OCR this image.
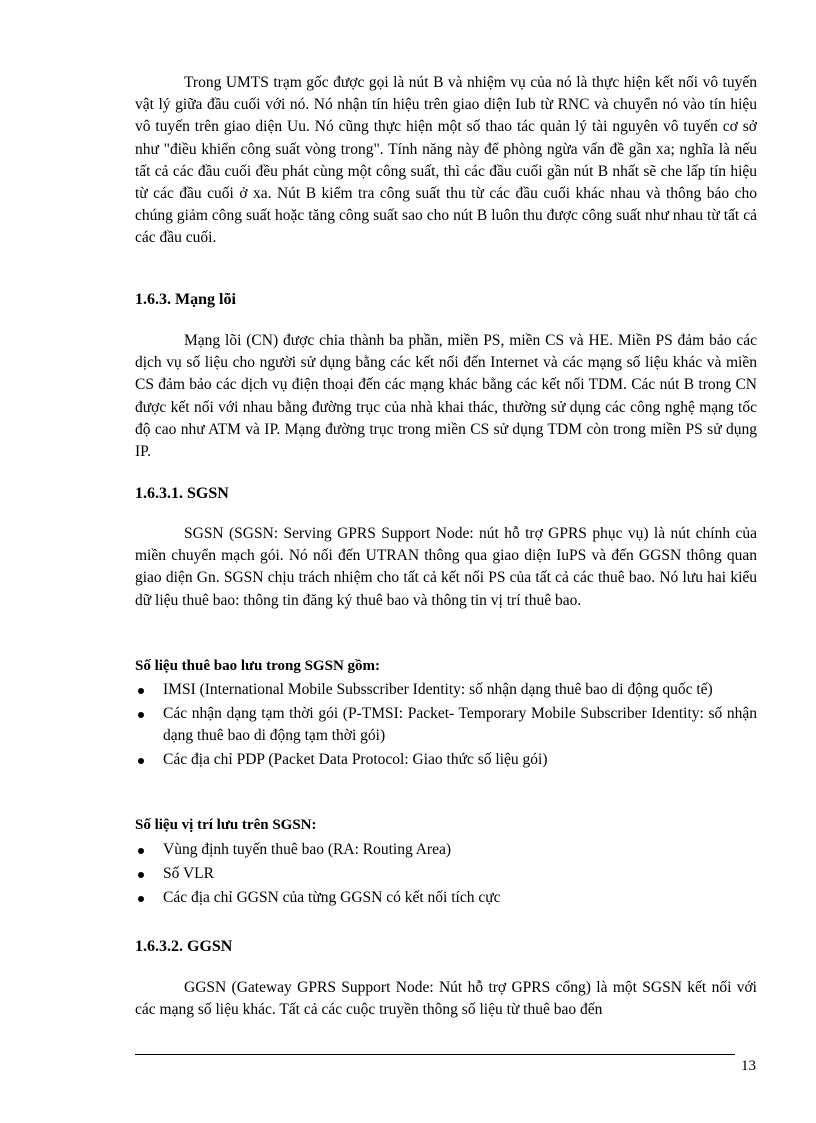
Trong UMTS trạm gốc được gọi là nút B và nhiệm vụ của nó là thực hiện kết nối vô tuyến vật lý giữa đầu cuối với nó. Nó nhận tín hiệu trên giao diện Iub từ RNC và chuyển nó vào tín hiệu vô tuyến trên giao diện Uu. Nó cũng thực hiện một số thao tác quản lý tài nguyên vô tuyến cơ sở như "điều khiển công suất vòng trong". Tính năng này để phòng ngừa vấn đề gần xa; nghĩa là nếu tất cả các đầu cuối đều phát cùng một công suất, thì các đầu cuối gần nút B nhất sẽ che lấp tín hiệu từ các đầu cuối ở xa. Nút B kiểm tra công suất thu từ các đầu cuối khác nhau và thông báo cho chúng giảm công suất hoặc tăng công suất sao cho nút B luôn thu được công suất như nhau từ tất cả các đầu cuối.

1.6.3. Mạng lõi

Mạng lõi (CN) được chia thành ba phần, miền PS, miền CS và HE. Miền PS đảm bảo các dịch vụ số liệu cho người sử dụng bằng các kết nối đến Internet và các mạng số liệu khác và miền CS đảm bảo các dịch vụ điện thoại đến các mạng khác bằng các kết nối TDM. Các nút B trong CN được kết nối với nhau bằng đường trục của nhà khai thác, thường sử dụng các công nghệ mạng tốc độ cao như ATM và IP. Mạng đường trục trong miền CS sử dụng TDM còn trong miền PS sử dụng IP.

1.6.3.1. SGSN

SGSN (SGSN: Serving GPRS Support Node: nút hỗ trợ GPRS phục vụ) là nút chính của miền chuyển mạch gói. Nó nối đến UTRAN thông qua giao diện IuPS và đến GGSN thông quan giao diện Gn. SGSN chịu trách nhiệm cho tất cả kết nối PS của tất cả các thuê bao. Nó lưu hai kiểu dữ liệu thuê bao: thông tin đăng ký thuê bao và thông tin vị trí thuê bao.

Số liệu thuê bao lưu trong SGSN gồm:
IMSI (International Mobile Subsscriber Identity: số nhận dạng thuê bao di động quốc tế)
Các nhận dạng tạm thời gói (P-TMSI: Packet- Temporary Mobile Subscriber Identity: số nhận dạng thuê bao di động tạm thời gói)
Các địa chỉ PDP (Packet Data Protocol: Giao thức số liệu gói)
Số liệu vị trí lưu trên SGSN:
Vùng định tuyến thuê bao (RA: Routing Area)
Số VLR
Các địa chỉ GGSN của từng GGSN có kết nối tích cực
1.6.3.2. GGSN

GGSN (Gateway GPRS Support Node: Nút hỗ trợ GPRS cổng) là một SGSN kết nối với các mạng số liệu khác. Tất cả các cuộc truyền thông số liệu từ thuê bao đến

13
